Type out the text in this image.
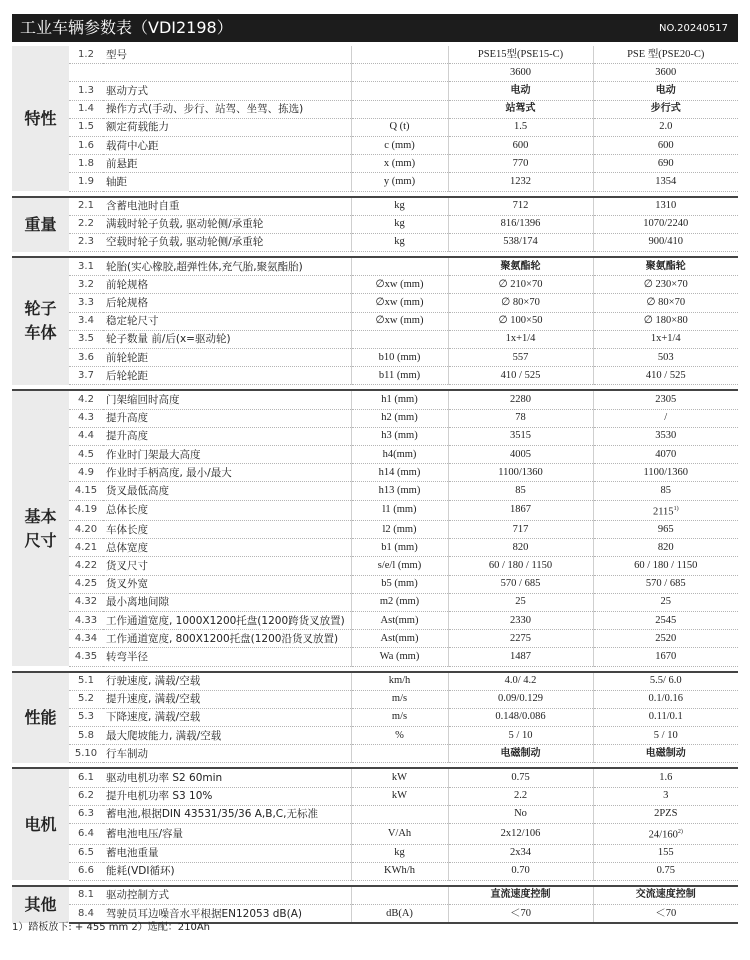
工业车辆参数表（VDI2198）	NO.20240517
特性	1.2	型号		PSE15型(PSE15-C)	PSE 型(PSE20-C)
				3600	3600
	1.3	驱动方式		电动	电动
	1.4	操作方式(手动、步行、站驾、坐驾、拣选)		站驾式	步行式
	1.5	额定荷载能力	Q (t)	1.5	2.0
	1.6	载荷中心距	c (mm)	600	600
	1.8	前悬距	x (mm)	770	690
	1.9	轴距	y (mm)	1232	1354

重量	2.1	含蓄电池时自重	kg	712	1310
	2.2	满载时轮子负载, 驱动轮侧/承重轮	kg	816/1396	1070/2240
	2.3	空载时轮子负载, 驱动轮侧/承重轮	kg	538/174	900/410

轮子
车体	3.1	轮胎(实心橡胶,超弹性体,充气胎,聚氨酯胎)		聚氨酯轮	聚氨酯轮
	3.2	前轮规格	∅xw (mm)	∅ 210×70	∅ 230×70
	3.3	后轮规格	∅xw (mm)	∅ 80×70	∅ 80×70
	3.4	稳定轮尺寸	∅xw (mm)	∅ 100×50	∅ 180×80
	3.5	轮子数量 前/后(x=驱动轮)		1x+1/4	1x+1/4
	3.6	前轮轮距	b10 (mm)	557	503
	3.7	后轮轮距	b11 (mm)	410 / 525	410 / 525

基本
尺寸	4.2	门架缩回时高度	h1 (mm)	2280	2305
	4.3	提升高度	h2 (mm)	78	/
	4.4	提升高度	h3 (mm)	3515	3530
	4.5	作业时门架最大高度	h4(mm)	4005	4070
	4.9	作业时手柄高度, 最小/最大	h14 (mm)	1100/1360	1100/1360
	4.15	货叉最低高度	h13 (mm)	85	85
	4.19	总体长度	l1 (mm)	1867	2115$^{1)}$
	4.20	车体长度	l2 (mm)	717	965
	4.21	总体宽度	b1 (mm)	820	820
	4.22	货叉尺寸	s/e/l (mm)	60 / 180 / 1150	60 / 180 / 1150
	4.25	货叉外宽	b5 (mm)	570 / 685	570 / 685
	4.32	最小离地间隙	m2 (mm)	25	25
	4.33	工作通道宽度, 1000X1200托盘(1200跨货叉放置)	Ast(mm)	2330	2545
	4.34	工作通道宽度, 800X1200托盘(1200沿货叉放置)	Ast(mm)	2275	2520
	4.35	转弯半径	Wa (mm)	1487	1670

性能	5.1	行驶速度, 满载/空载	km/h	4.0/ 4.2	5.5/ 6.0
	5.2	提升速度, 满载/空载	m/s	0.09/0.129	0.1/0.16
	5.3	下降速度, 满载/空载	m/s	0.148/0.086	0.11/0.1
	5.8	最大爬坡能力, 满载/空载	%	5 / 10	5 / 10
	5.10	行车制动		电磁制动	电磁制动

电机	6.1	驱动电机功率 S2 60min	kW	0.75	1.6
	6.2	提升电机功率 S3 10%	kW	2.2	3
	6.3	蓄电池,根据DIN 43531/35/36 A,B,C,无标准		No	2PZS
	6.4	蓄电池电压/容量	V/Ah	2x12/106	24/160$^{2)}$
	6.5	蓄电池重量	kg	2x34	155
	6.6	能耗(VDI循环)	KWh/h	0.70	0.75

其他	8.1	驱动控制方式		直流速度控制	交流速度控制
	8.4	驾驶员耳边噪音水平根据EN12053 dB(A)	dB(A)	＜70	＜70
1）踏板放下: + 455 mm 2）选配：210Ah
